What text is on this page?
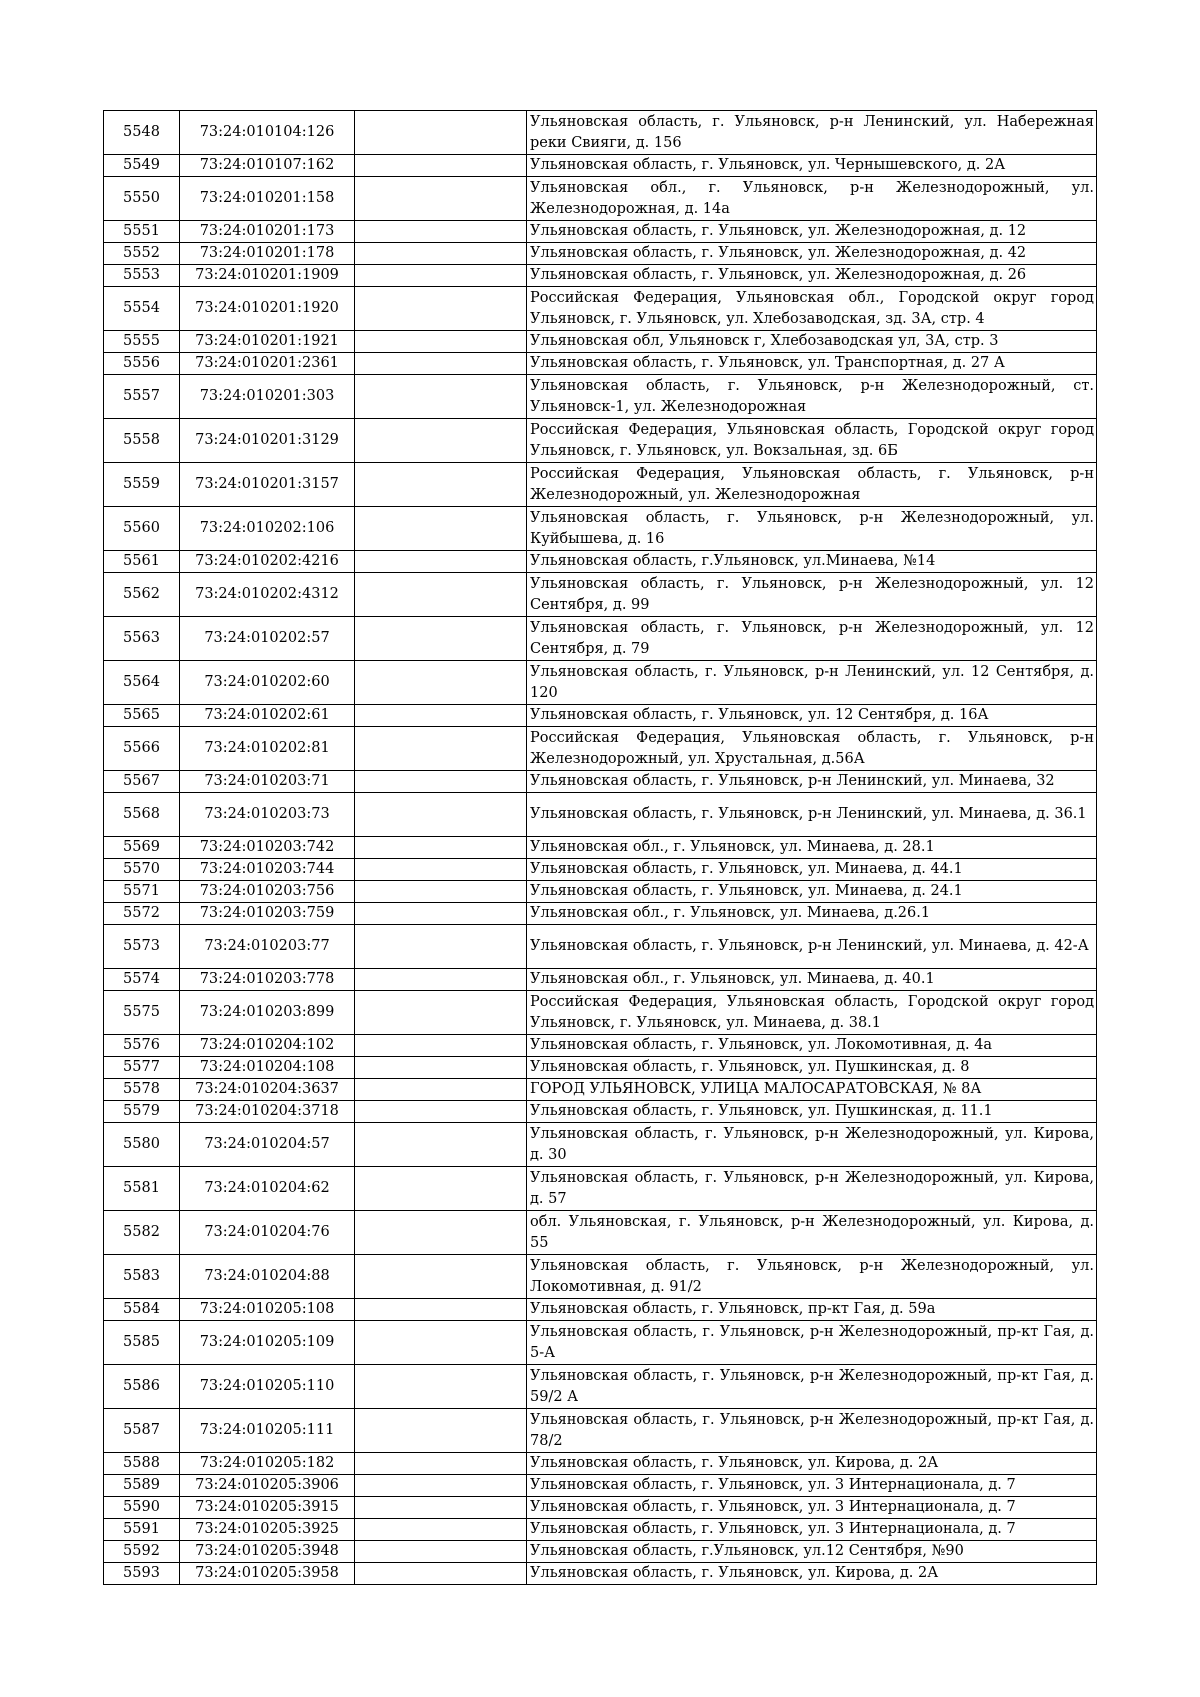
5548	73:24:010104:126		Ульяновская область, г. Ульяновск, р-н Ленинский, ул. Набережная реки Свияги, д. 156
5549	73:24:010107:162		Ульяновская область, г. Ульяновск, ул. Чернышевского, д. 2А
5550	73:24:010201:158		Ульяновская обл., г. Ульяновск, р-н Железнодорожный, ул. Железнодорожная, д. 14а
5551	73:24:010201:173		Ульяновская область, г. Ульяновск, ул. Железнодорожная, д. 12
5552	73:24:010201:178		Ульяновская область, г. Ульяновск, ул. Железнодорожная, д. 42
5553	73:24:010201:1909		Ульяновская область, г. Ульяновск, ул. Железнодорожная, д. 26
5554	73:24:010201:1920		Российская Федерация, Ульяновская обл., Городской округ город Ульяновск, г. Ульяновск, ул. Хлебозаводская, зд. 3А, стр. 4
5555	73:24:010201:1921		Ульяновская обл, Ульяновск г, Хлебозаводская ул, 3А, стр. 3
5556	73:24:010201:2361		Ульяновская область, г. Ульяновск, ул. Транспортная, д. 27 А
5557	73:24:010201:303		Ульяновская область, г. Ульяновск, р-н Железнодорожный, ст. Ульяновск-1, ул. Железнодорожная
5558	73:24:010201:3129		Российская Федерация, Ульяновская область, Городской округ город Ульяновск, г. Ульяновск, ул. Вокзальная, зд. 6Б
5559	73:24:010201:3157		Российская Федерация, Ульяновская область, г. Ульяновск, р-н Железнодорожный, ул. Железнодорожная
5560	73:24:010202:106		Ульяновская область, г. Ульяновск, р-н Железнодорожный, ул. Куйбышева, д. 16
5561	73:24:010202:4216		Ульяновская область, г.Ульяновск, ул.Минаева, №14
5562	73:24:010202:4312		Ульяновская область, г. Ульяновск, р-н Железнодорожный, ул. 12 Сентября, д. 99
5563	73:24:010202:57		Ульяновская область, г. Ульяновск, р-н Железнодорожный, ул. 12 Сентября, д. 79
5564	73:24:010202:60		Ульяновская область, г. Ульяновск, р-н Ленинский, ул. 12 Сентября, д. 120
5565	73:24:010202:61		Ульяновская область, г. Ульяновск, ул. 12 Сентября, д. 16А
5566	73:24:010202:81		Российская Федерация, Ульяновская область, г. Ульяновск, р-н Железнодорожный, ул. Хрустальная, д.56А
5567	73:24:010203:71		Ульяновская область, г. Ульяновск, р-н Ленинский, ул. Минаева, 32
5568	73:24:010203:73		Ульяновская область, г. Ульяновск, р-н Ленинский, ул. Минаева, д. 36.1
5569	73:24:010203:742		Ульяновская обл., г. Ульяновск, ул. Минаева, д. 28.1
5570	73:24:010203:744		Ульяновская область, г. Ульяновск, ул. Минаева, д. 44.1
5571	73:24:010203:756		Ульяновская область, г. Ульяновск, ул. Минаева, д. 24.1
5572	73:24:010203:759		Ульяновская обл., г. Ульяновск, ул. Минаева, д.26.1
5573	73:24:010203:77		Ульяновская область, г. Ульяновск, р-н Ленинский, ул. Минаева, д. 42-А
5574	73:24:010203:778		Ульяновская обл., г. Ульяновск, ул. Минаева, д. 40.1
5575	73:24:010203:899		Российская Федерация, Ульяновская область, Городской округ город Ульяновск, г. Ульяновск, ул. Минаева, д. 38.1
5576	73:24:010204:102		Ульяновская область, г. Ульяновск, ул. Локомотивная, д. 4а
5577	73:24:010204:108		Ульяновская область, г. Ульяновск, ул. Пушкинская, д. 8
5578	73:24:010204:3637		ГОРОД УЛЬЯНОВСК, УЛИЦА МАЛОСАРАТОВСКАЯ, № 8А
5579	73:24:010204:3718		Ульяновская область, г. Ульяновск, ул. Пушкинская, д. 11.1
5580	73:24:010204:57		Ульяновская область, г. Ульяновск, р-н Железнодорожный, ул. Кирова, д. 30
5581	73:24:010204:62		Ульяновская область, г. Ульяновск, р-н Железнодорожный, ул. Кирова, д. 57
5582	73:24:010204:76		обл. Ульяновская, г. Ульяновск, р-н Железнодорожный, ул. Кирова, д. 55
5583	73:24:010204:88		Ульяновская область, г. Ульяновск, р-н Железнодорожный, ул. Локомотивная, д. 91/2
5584	73:24:010205:108		Ульяновская область, г. Ульяновск, пр-кт Гая, д. 59а
5585	73:24:010205:109		Ульяновская область, г. Ульяновск, р-н Железнодорожный, пр-кт Гая, д. 5-А
5586	73:24:010205:110		Ульяновская область, г. Ульяновск, р-н Железнодорожный, пр-кт Гая, д. 59/2 А
5587	73:24:010205:111		Ульяновская область, г. Ульяновск, р-н Железнодорожный, пр-кт Гая, д. 78/2
5588	73:24:010205:182		Ульяновская область, г. Ульяновск, ул. Кирова, д. 2А
5589	73:24:010205:3906		Ульяновская область, г. Ульяновск, ул. 3 Интернационала, д. 7
5590	73:24:010205:3915		Ульяновская область, г. Ульяновск, ул. 3 Интернационала, д. 7
5591	73:24:010205:3925		Ульяновская область, г. Ульяновск, ул. 3 Интернационала, д. 7
5592	73:24:010205:3948		Ульяновская область, г.Ульяновск, ул.12 Сентября, №90
5593	73:24:010205:3958		Ульяновская область, г. Ульяновск, ул. Кирова, д. 2А
